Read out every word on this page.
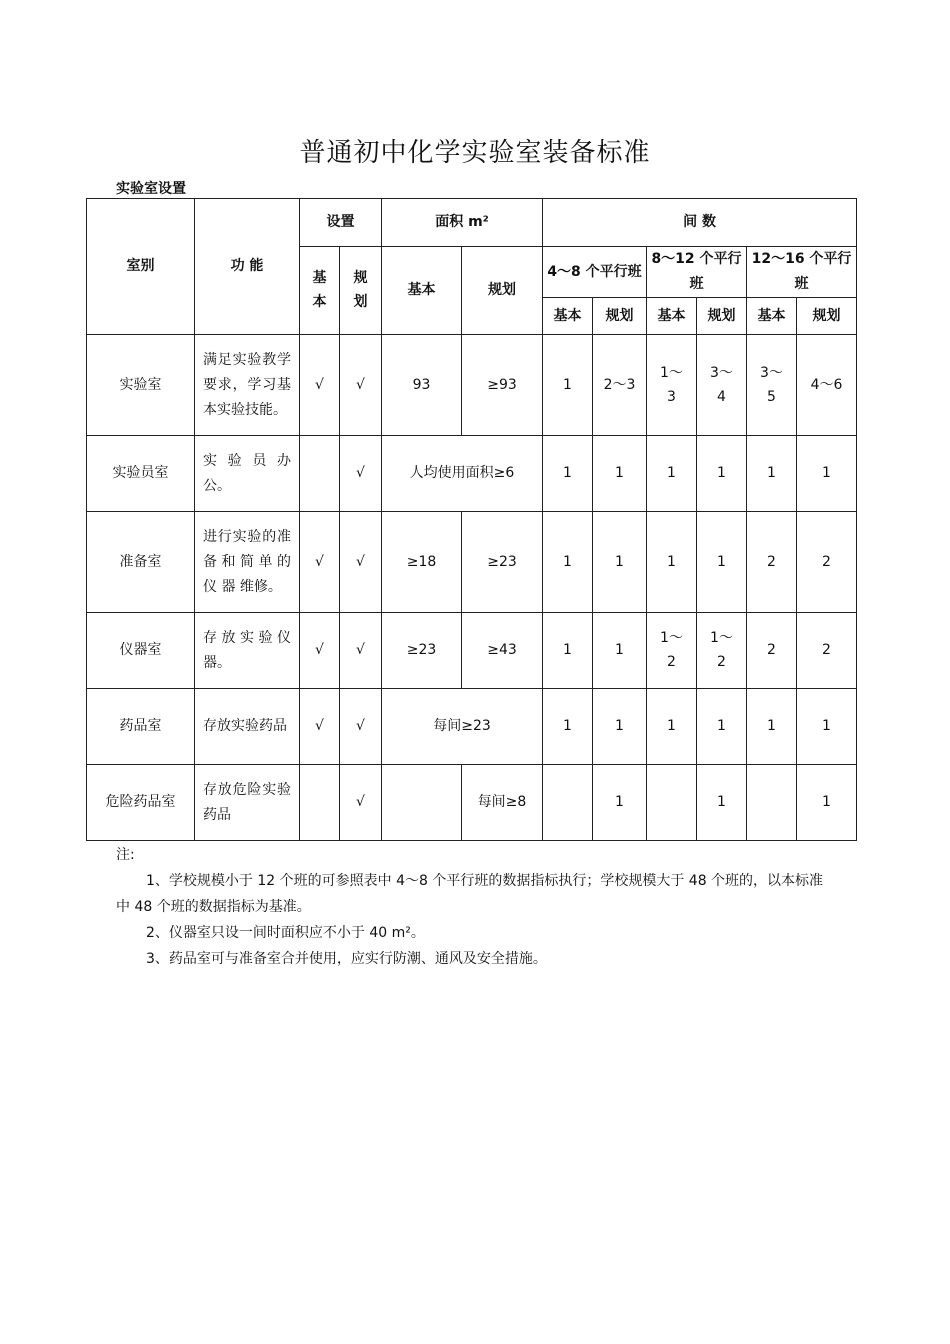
普通初中化学实验室装备标准
实验室设置
室别	功 能	设置		面积 m²		间 数					
		基本	规划	基本	规划	4～8 个平行班		8～12 个平行班		12～16 个平行班	
						基本	规划	基本	规划	基本	规划
实验室	满足实验教学要求，学习基本实验技能。	√	√	93	≥93	1	2～3	1～3	3～4	3～5	4～6
实验员室	实 验 员 办公。		√	人均使用面积≥6		1	1	1	1	1	1
准备室	进行实验的准备和简单的 仪 器 维修。	√	√	≥18	≥23	1	1	1	1	2	2
仪器室	存放实验仪器。	√	√	≥23	≥43	1	1	1～2	1～2	2	2
药品室	存放实验药品	√	√	每间≥23		1	1	1	1	1	1
危险药品室	存放危险实验药品		√		每间≥8		1		1		1

注:

1、学校规模小于 12 个班的可参照表中 4～8 个平行班的数据指标执行；学校规模大于 48 个班的，以本标准中 48 个班的数据指标为基准。

2、仪器室只设一间时面积应不小于 40 m²。

3、药品室可与准备室合并使用，应实行防潮、通风及安全措施。
